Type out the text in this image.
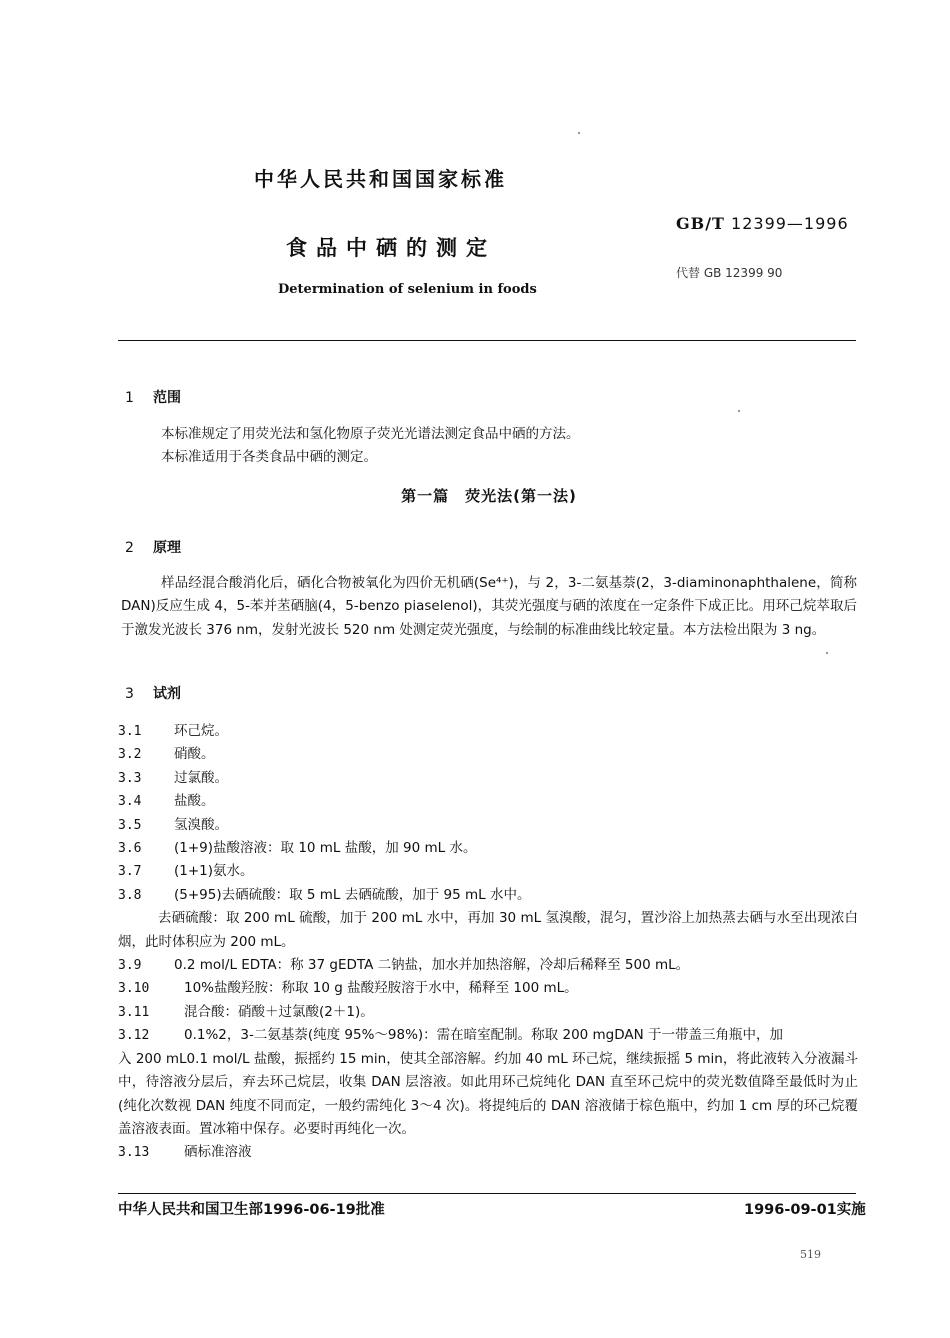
中华人民共和国国家标准
食品中硒的测定
Determination of selenium in foods
GB/T 12399—1996
代替 GB 12399 90
1 范围
本标准规定了用荧光法和氢化物原子荧光光谱法测定食品中硒的方法。
本标准适用于各类食品中硒的测定。
第一篇　荧光法(第一法)
2 原理
样品经混合酸消化后，硒化合物被氧化为四价无机硒(Se⁴⁺)，与 2，3-二氨基萘(2，3-diaminonaphthalene，简称 DAN)反应生成 4，5-苯并苤硒脑(4，5-benzo piaselenol)，其荧光强度与硒的浓度在一定条件下成正比。用环己烷萃取后于激发光波长 376 nm，发射光波长 520 nm 处测定荧光强度，与绘制的标准曲线比较定量。本方法检出限为 3 ng。
3 试剂
3.1	环己烷。
3.2	硝酸。
3.3	过氯酸。
3.4	盐酸。
3.5	氢溴酸。
3.6	(1+9)盐酸溶液：取 10 mL 盐酸，加 90 mL 水。
3.7	(1+1)氨水。
3.8	(5+95)去硒硫酸：取 5 mL 去硒硫酸，加于 95 mL 水中。
去硒硫酸：取 200 mL 硫酸，加于 200 mL 水中，再加 30 mL 氢溴酸，混匀，置沙浴上加热蒸去硒与水至出现浓白烟，此时体积应为 200 mL。
3.9	0.2 mol/L EDTA：称 37 gEDTA 二钠盐，加水并加热溶解，冷却后稀释至 500 mL。
3.10	10%盐酸羟胺：称取 10 g 盐酸羟胺溶于水中，稀释至 100 mL。
3.11	混合酸：硝酸＋过氯酸(2＋1)。
3.12	0.1%2，3-二氨基萘(纯度 95%～98%)：需在暗室配制。称取 200 mgDAN 于一带盖三角瓶中，加
入 200 mL0.1 mol/L 盐酸，振摇约 15 min，使其全部溶解。约加 40 mL 环己烷，继续振摇 5 min，将此液转入分液漏斗中，待溶液分层后，弃去环己烷层，收集 DAN 层溶液。如此用环己烷纯化 DAN 直至环己烷中的荧光数值降至最低时为止(纯化次数视 DAN 纯度不同而定，一般约需纯化 3～4 次)。将提纯后的 DAN 溶液储于棕色瓶中，约加 1 cm 厚的环己烷覆盖溶液表面。置冰箱中保存。必要时再纯化一次。
3.13	硒标准溶液
中华人民共和国卫生部1996-06-19批准	1996-09-01实施
519
